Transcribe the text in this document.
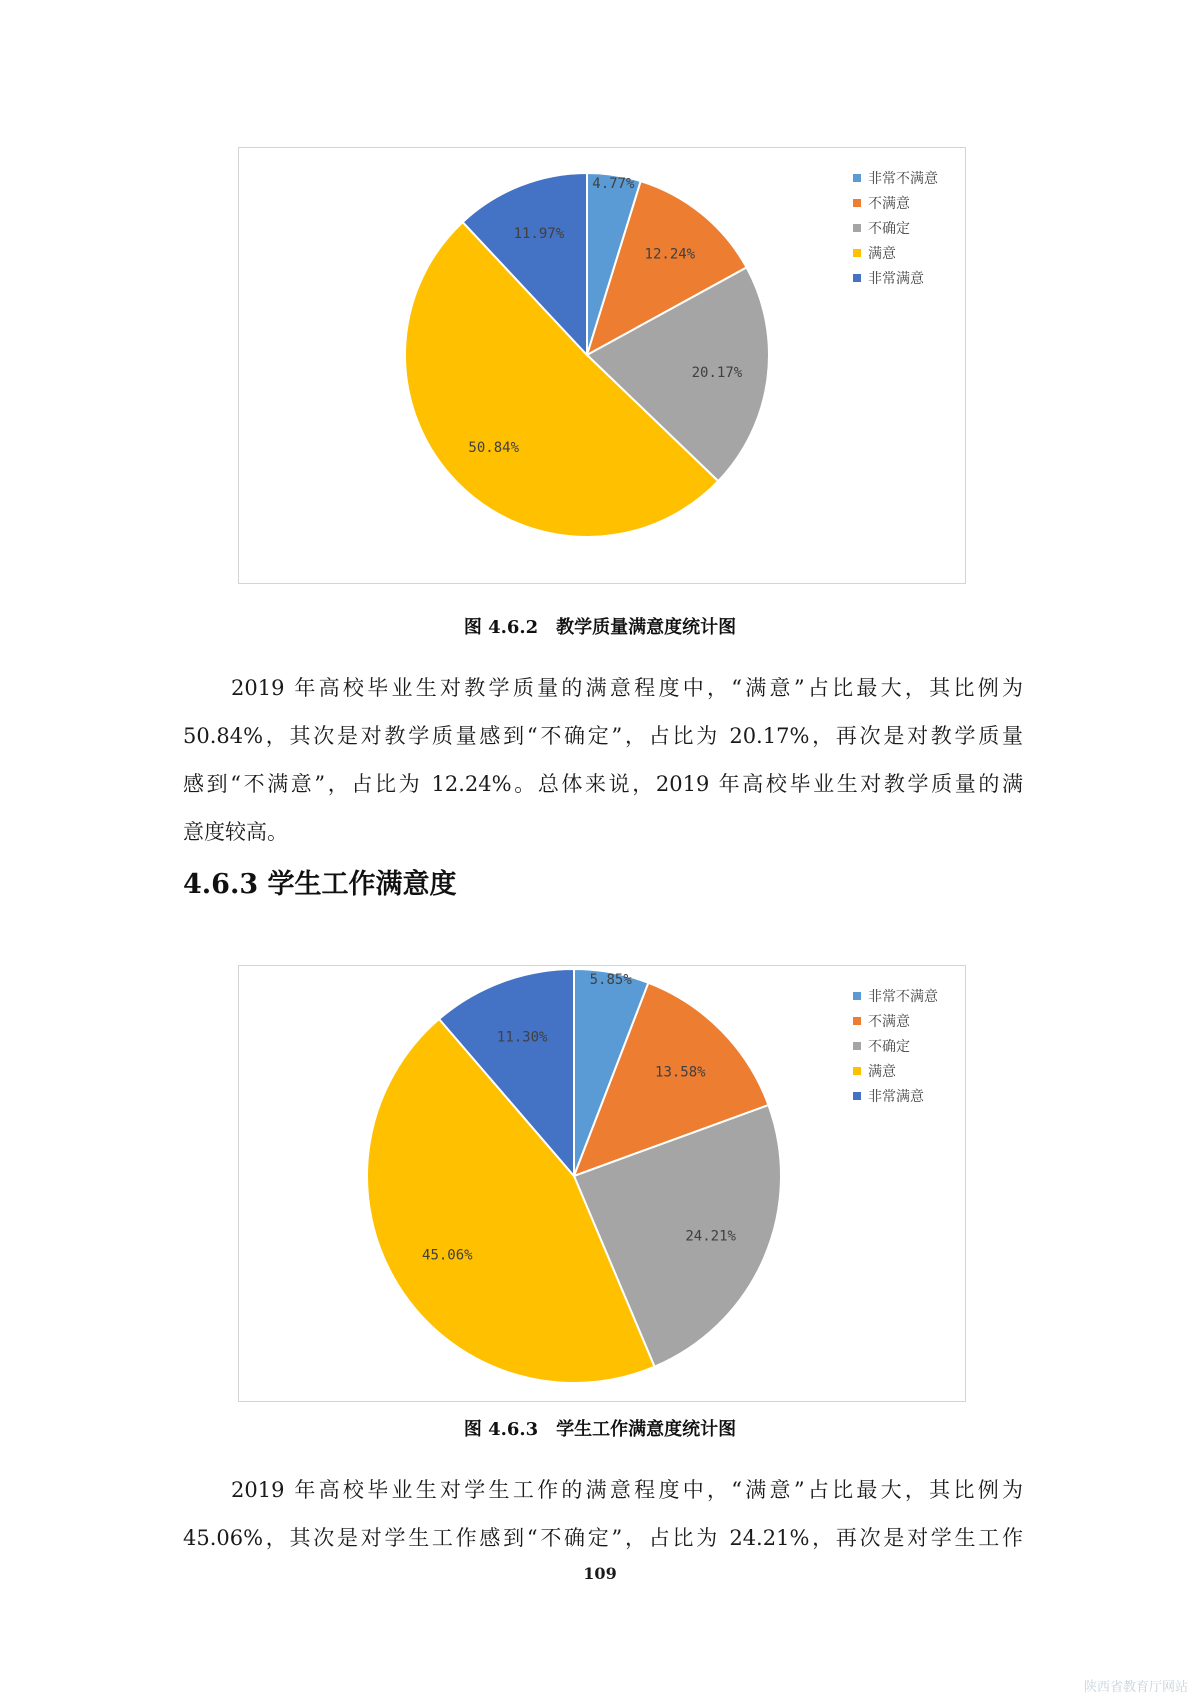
4.77%
12.24%
20.17%
50.84%
11.97%
非常不满意
不满意
不确定
满意
非常满意
图 4.6.2　教学质量满意度统计图
2019 年高校毕业生对教学质量的满意程度中，“满意”占比最大，其比例为
50.84%，其次是对教学质量感到“不确定”，占比为 20.17%，再次是对教学质量
感到“不满意”，占比为 12.24%。总体来说，2019 年高校毕业生对教学质量的满
意度较高。
4.6.3 学生工作满意度
5.85%
13.58%
24.21%
45.06%
11.30%
非常不满意
不满意
不确定
满意
非常满意
图 4.6.3　学生工作满意度统计图
2019 年高校毕业生对学生工作的满意程度中，“满意”占比最大，其比例为
45.06%，其次是对学生工作感到“不确定”，占比为 24.21%，再次是对学生工作
109
陕西省教育厅网站
